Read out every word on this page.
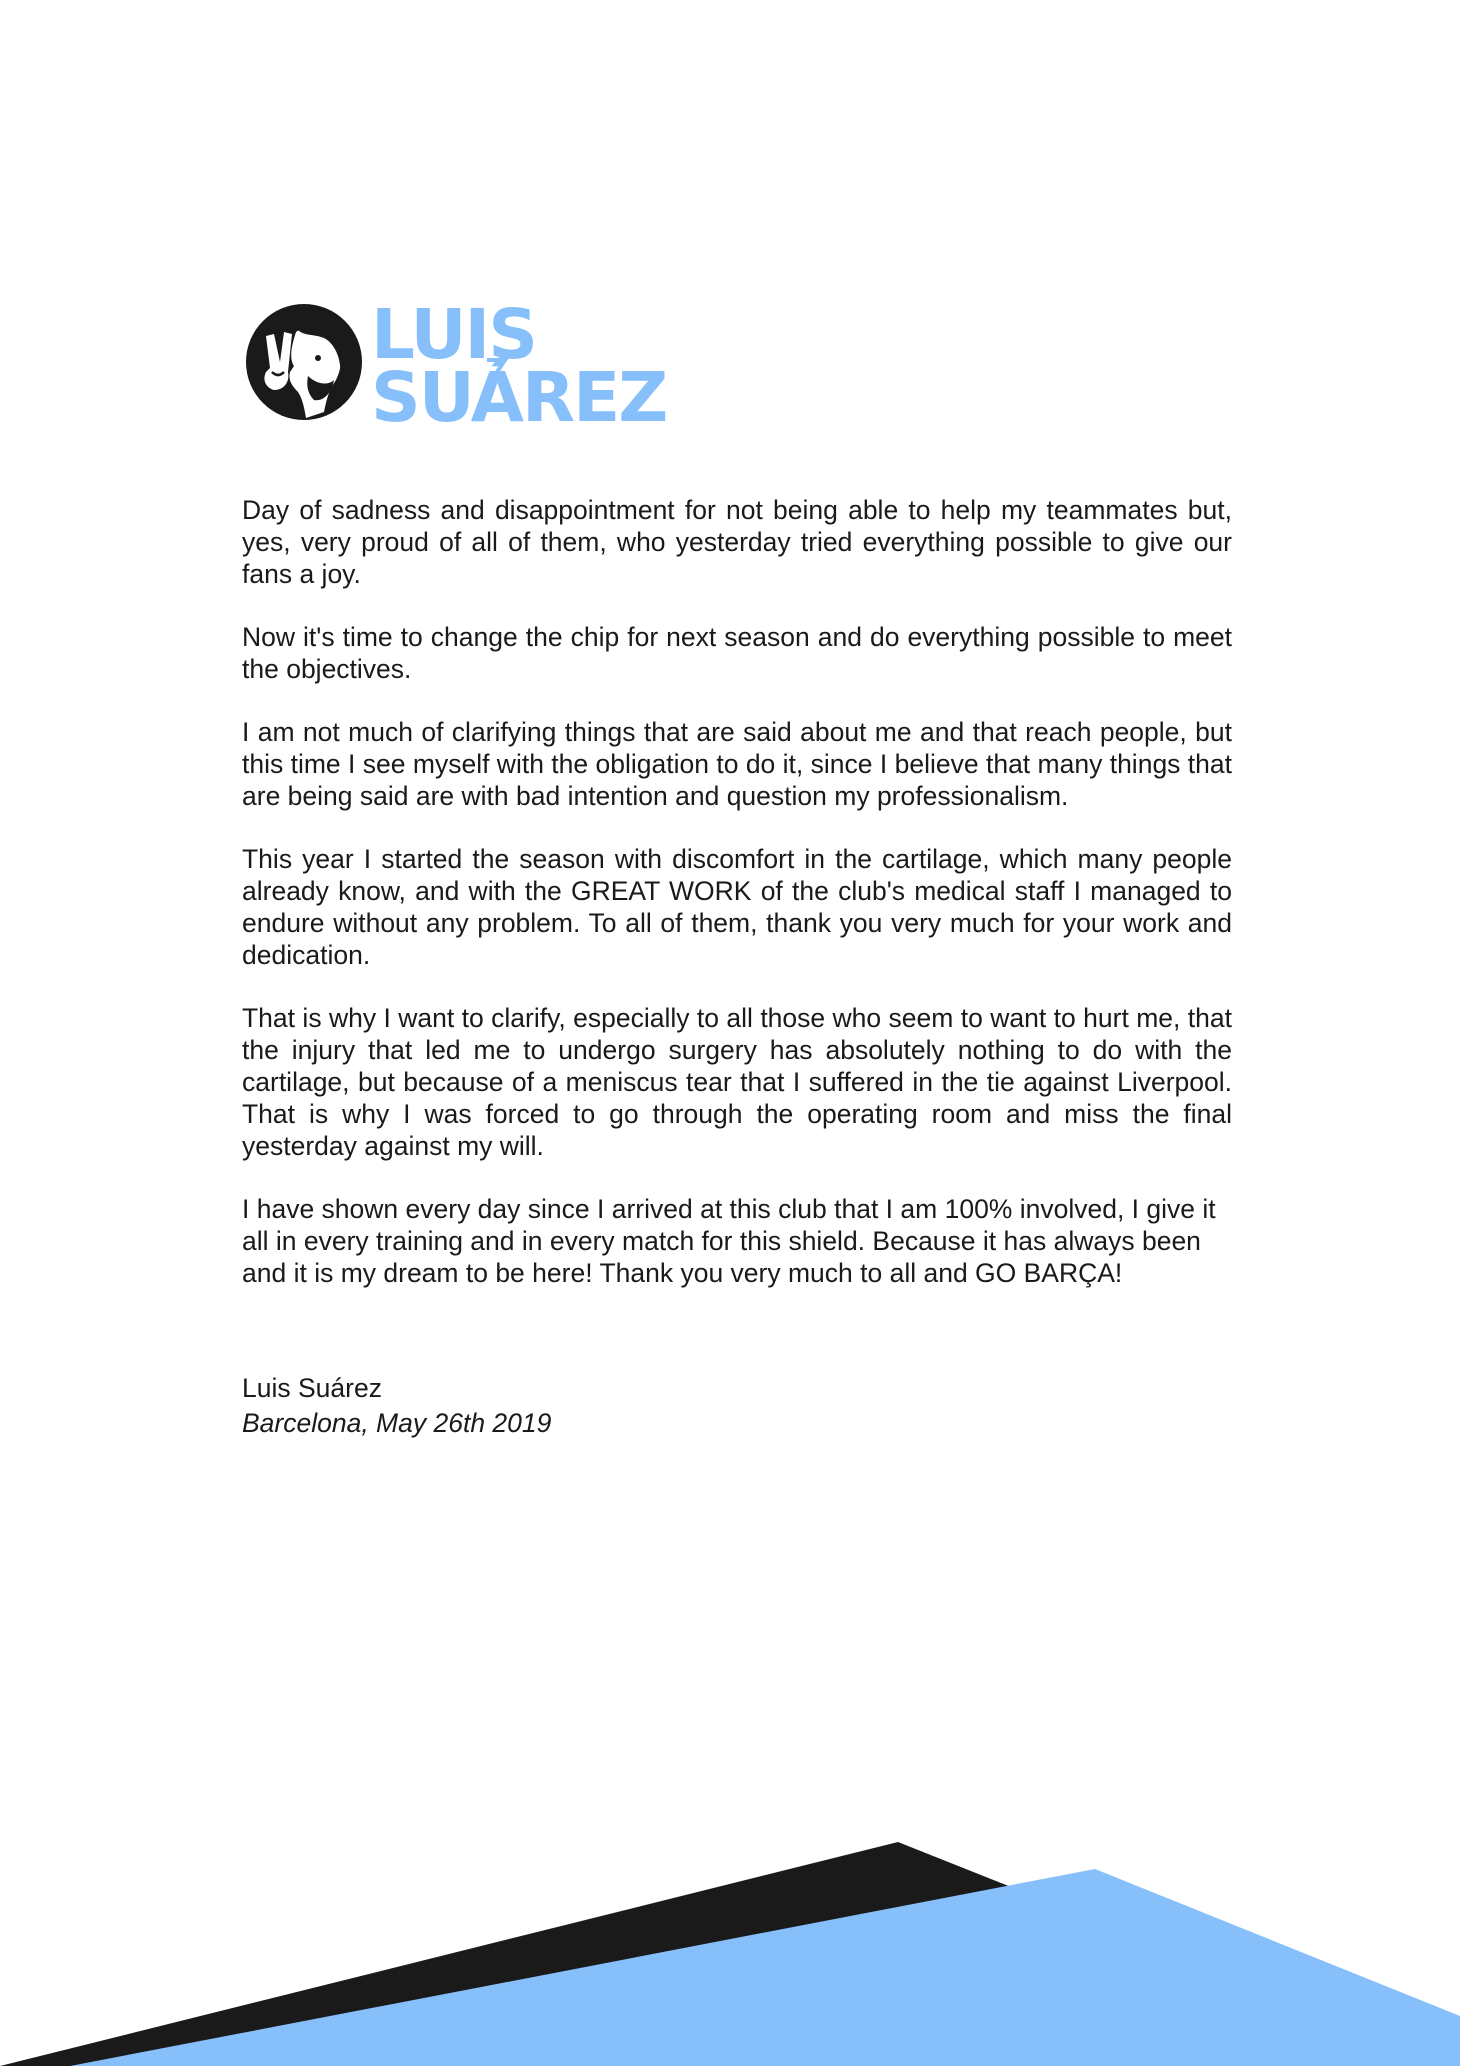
LUIS
SUÁREZ

Day of sadness and disappointment for not being able to help my teammates but, yes, very proud of all of them, who yesterday tried everything possible to give our fans a joy.

Now it's time to change the chip for next season and do everything possible to meet the objectives.

I am not much of clarifying things that are said about me and that reach people, but this time I see myself with the obligation to do it, since I believe that many things that are being said are with bad intention and question my professionalism.

This year I started the season with discomfort in the cartilage, which many people already know, and with the GREAT WORK of the club's medical staff I managed to endure without any problem. To all of them, thank you very much for your work and dedication.

That is why I want to clarify, especially to all those who seem to want to hurt me, that the injury that led me to undergo surgery has absolutely nothing to do with the cartilage, but because of a meniscus tear that I suffered in the tie against Liverpool. That is why I was forced to go through the operating room and miss the final yesterday against my will.

I have shown every day since I arrived at this club that I am 100% involved, I give it all in every training and in every match for this shield. Because it has always been and it is my dream to be here! Thank you very much to all and GO BARÇA!

Luis Suárez
Barcelona, May 26th 2019
